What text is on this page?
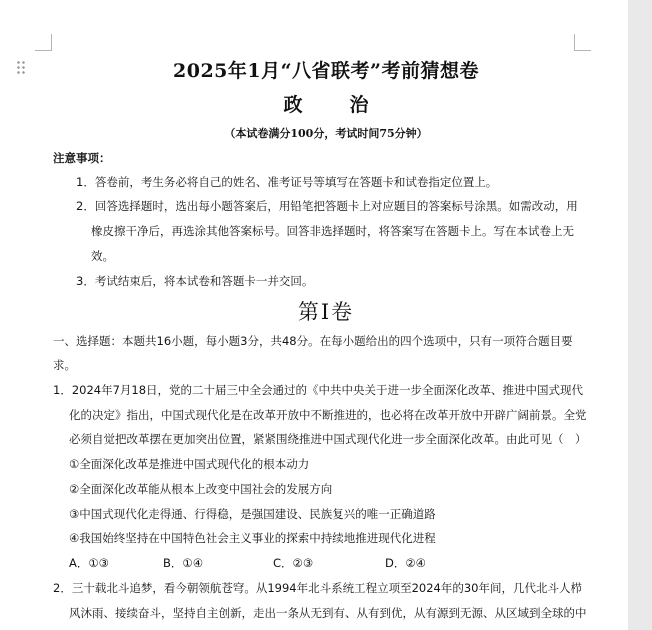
2025年1月“八省联考”考前猜想卷
政　治
（本试卷满分100分，考试时间75分钟）
注意事项：
1．答卷前，考生务必将自己的姓名、准考证号等填写在答题卡和试卷指定位置上。
2．回答选择题时，选出每小题答案后，用铅笔把答题卡上对应题目的答案标号涂黑。如需改动，用
橡皮擦干净后，再选涂其他答案标号。回答非选择题时，将答案写在答题卡上。写在本试卷上无
效。
3．考试结束后，将本试卷和答题卡一并交回。
第Ⅰ卷
一、选择题：本题共16小题，每小题3分，共48分。在每小题给出的四个选项中，只有一项符合题目要
求。
1．2024年7月18日，党的二十届三中全会通过的《中共中央关于进一步全面深化改革、推进中国式现代
化的决定》指出，中国式现代化是在改革开放中不断推进的，也必将在改革开放中开辟广阔前景。全党
必须自觉把改革摆在更加突出位置，紧紧围绕推进中国式现代化进一步全面深化改革。由此可见（　）
①全面深化改革是推进中国式现代化的根本动力
②全面深化改革能从根本上改变中国社会的发展方向
③中国式现代化走得通、行得稳，是强国建设、民族复兴的唯一正确道路
④我国始终坚持在中国特色社会主义事业的探索中持续地推进现代化进程
A．①③	B．①④	C．②③	D．②④
2．三十载北斗追梦，看今朝领航苍穹。从1994年北斗系统工程立项至2024年的30年间，几代北斗人栉
风沐雨、接续奋斗，坚持自主创新，走出一条从无到有、从有到优，从有源到无源、从区域到全球的中
